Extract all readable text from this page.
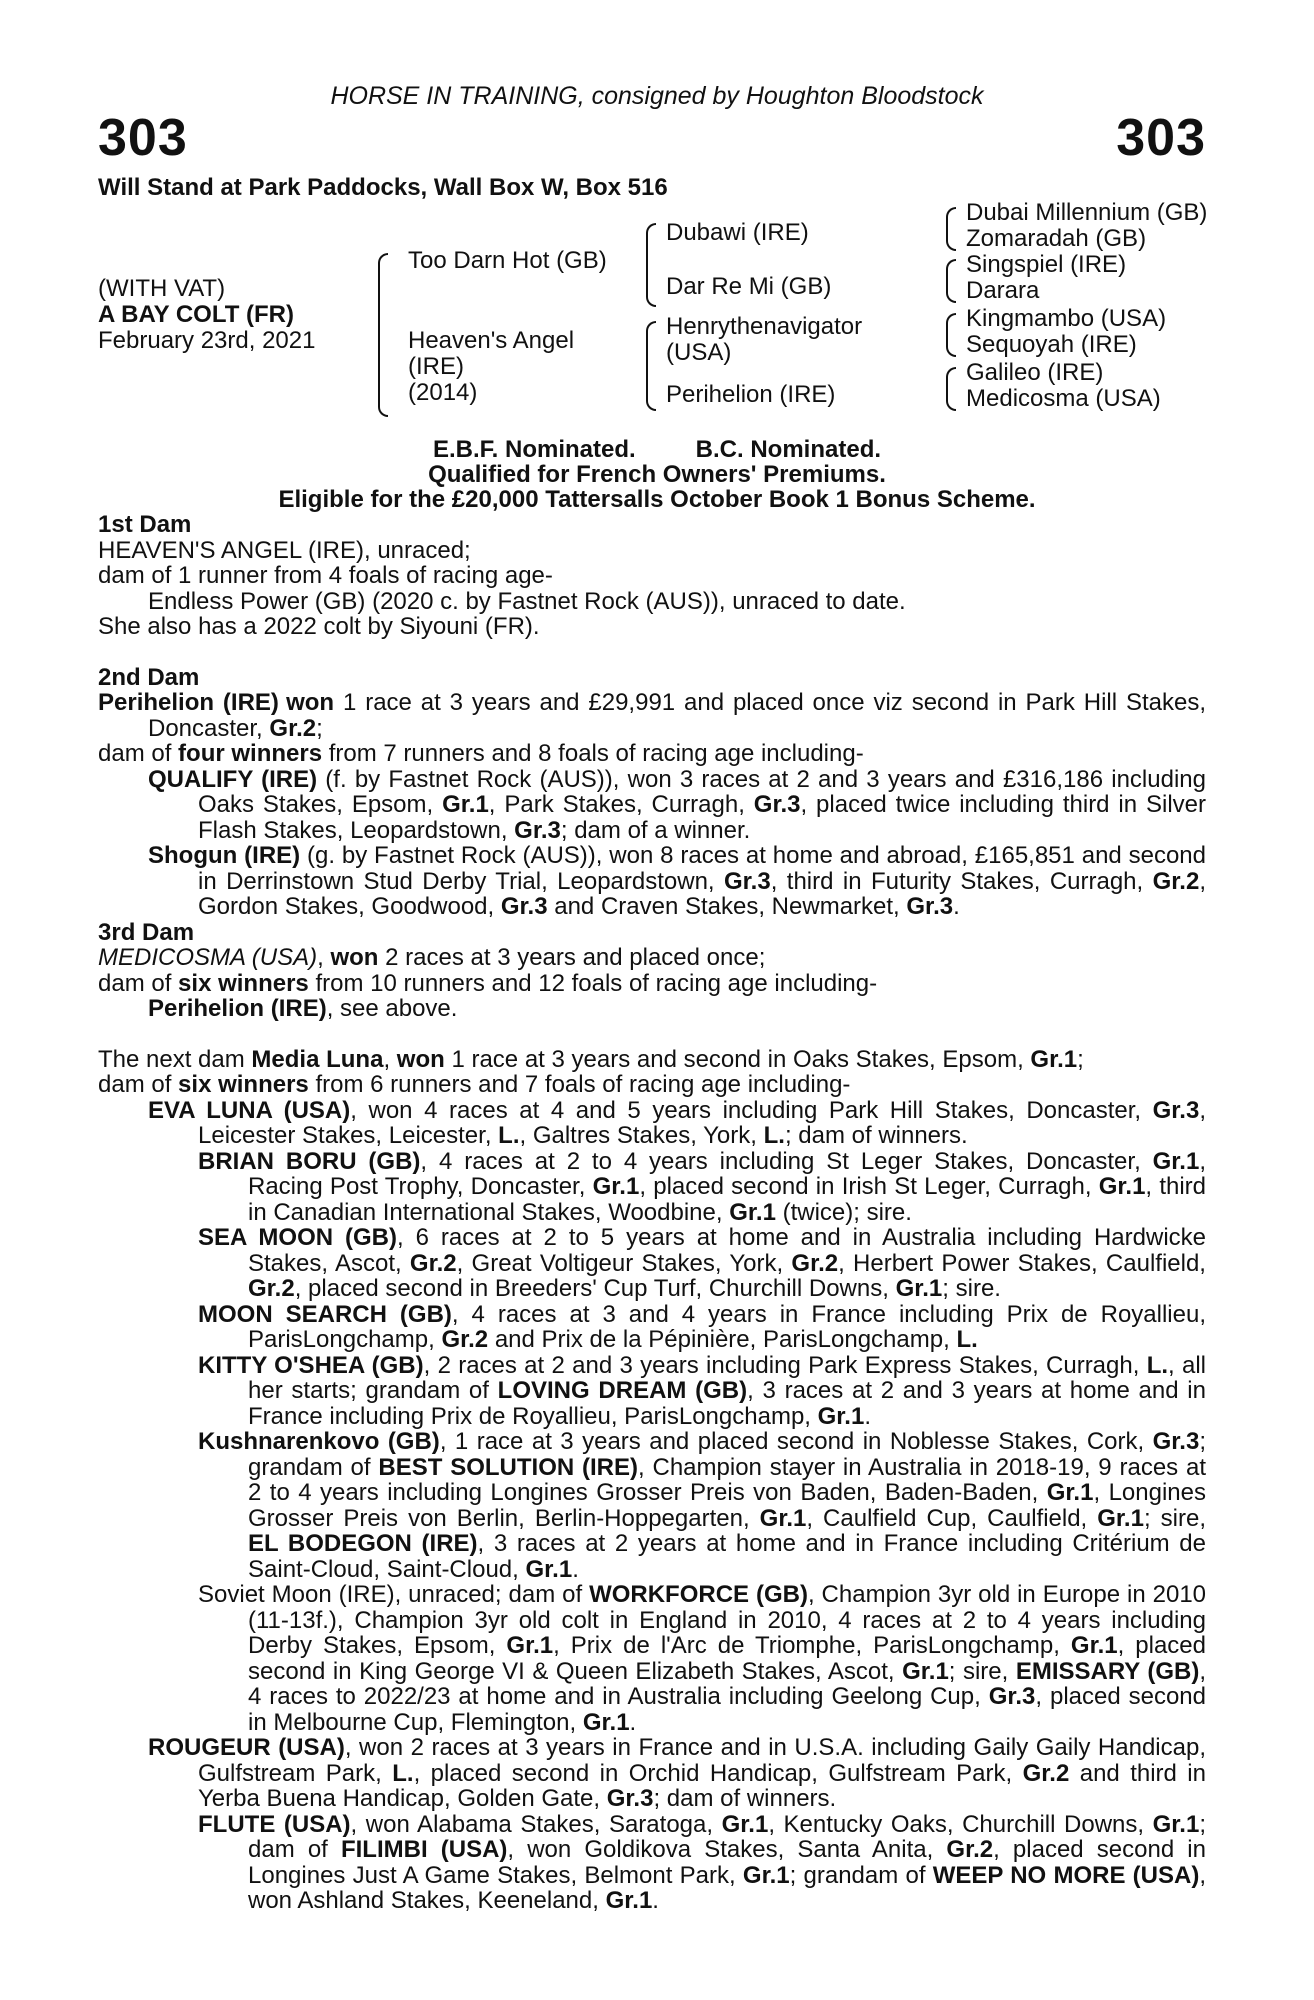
HORSE IN TRAINING, consigned by Houghton Bloodstock
303	303
Will Stand at Park Paddocks, Wall Box W, Box 516
(WITH VAT)
A BAY COLT (FR)
February 23rd, 2021
Too Darn Hot (GB)
Heaven's Angel
(IRE)
(2014)
Dubawi (IRE)
Dar Re Mi (GB)
Henrythenavigator
(USA)
Perihelion (IRE)
Dubai Millennium (GB)
Zomaradah (GB)
Singspiel (IRE)
Darara
Kingmambo (USA)
Sequoyah (IRE)
Galileo (IRE)
Medicosma (USA)
E.B.F. Nominated.	B.C. Nominated.
Qualified for French Owners' Premiums.
Eligible for the £20,000 Tattersalls October Book 1 Bonus Scheme.

1st Dam

HEAVEN'S ANGEL (IRE), unraced;

dam of 1 runner from 4 foals of racing age-

Endless Power (GB) (2020 c. by Fastnet Rock (AUS)), unraced to date.

She also has a 2022 colt by Siyouni (FR).

2nd Dam

Perihelion (IRE) won 1 race at 3 years and £29,991 and placed once viz second in Park Hill Stakes, Doncaster, Gr.2;

dam of four winners from 7 runners and 8 foals of racing age including-

QUALIFY (IRE) (f. by Fastnet Rock (AUS)), won 3 races at 2 and 3 years and £316,186 including Oaks Stakes, Epsom, Gr.1, Park Stakes, Curragh, Gr.3, placed twice including third in Silver Flash Stakes, Leopardstown, Gr.3; dam of a winner.

Shogun (IRE) (g. by Fastnet Rock (AUS)), won 8 races at home and abroad, £165,851 and second in Derrinstown Stud Derby Trial, Leopardstown, Gr.3, third in Futurity Stakes, Curragh, Gr.2, Gordon Stakes, Goodwood, Gr.3 and Craven Stakes, Newmarket, Gr.3.

3rd Dam

MEDICOSMA (USA), won 2 races at 3 years and placed once;

dam of six winners from 10 runners and 12 foals of racing age including-

Perihelion (IRE), see above.

The next dam Media Luna, won 1 race at 3 years and second in Oaks Stakes, Epsom, Gr.1;

dam of six winners from 6 runners and 7 foals of racing age including-

EVA LUNA (USA), won 4 races at 4 and 5 years including Park Hill Stakes, Doncaster, Gr.3, Leicester Stakes, Leicester, L., Galtres Stakes, York, L.; dam of winners.

BRIAN BORU (GB), 4 races at 2 to 4 years including St Leger Stakes, Doncaster, Gr.1, Racing Post Trophy, Doncaster, Gr.1, placed second in Irish St Leger, Curragh, Gr.1, third in Canadian International Stakes, Woodbine, Gr.1 (twice); sire.

SEA MOON (GB), 6 races at 2 to 5 years at home and in Australia including Hardwicke Stakes, Ascot, Gr.2, Great Voltigeur Stakes, York, Gr.2, Herbert Power Stakes, Caulfield, Gr.2, placed second in Breeders' Cup Turf, Churchill Downs, Gr.1; sire.

MOON SEARCH (GB), 4 races at 3 and 4 years in France including Prix de Royallieu, ParisLongchamp, Gr.2 and Prix de la Pépinière, ParisLongchamp, L.

KITTY O'SHEA (GB), 2 races at 2 and 3 years including Park Express Stakes, Curragh, L., all her starts; grandam of LOVING DREAM (GB), 3 races at 2 and 3 years at home and in France including Prix de Royallieu, ParisLongchamp, Gr.1.

Kushnarenkovo (GB), 1 race at 3 years and placed second in Noblesse Stakes, Cork, Gr.3; grandam of BEST SOLUTION (IRE), Champion stayer in Australia in 2018-19, 9 races at 2 to 4 years including Longines Grosser Preis von Baden, Baden-Baden, Gr.1, Longines Grosser Preis von Berlin, Berlin-Hoppegarten, Gr.1, Caulfield Cup, Caulfield, Gr.1; sire, EL BODEGON (IRE), 3 races at 2 years at home and in France including Critérium de Saint-Cloud, Saint-Cloud, Gr.1.

Soviet Moon (IRE), unraced; dam of WORKFORCE (GB), Champion 3yr old in Europe in 2010 (11-13f.), Champion 3yr old colt in England in 2010, 4 races at 2 to 4 years including Derby Stakes, Epsom, Gr.1, Prix de l'Arc de Triomphe, ParisLongchamp, Gr.1, placed second in King George VI & Queen Elizabeth Stakes, Ascot, Gr.1; sire, EMISSARY (GB), 4 races to 2022/23 at home and in Australia including Geelong Cup, Gr.3, placed second in Melbourne Cup, Flemington, Gr.1.

ROUGEUR (USA), won 2 races at 3 years in France and in U.S.A. including Gaily Gaily Handicap, Gulfstream Park, L., placed second in Orchid Handicap, Gulfstream Park, Gr.2 and third in Yerba Buena Handicap, Golden Gate, Gr.3; dam of winners.

FLUTE (USA), won Alabama Stakes, Saratoga, Gr.1, Kentucky Oaks, Churchill Downs, Gr.1; dam of FILIMBI (USA), won Goldikova Stakes, Santa Anita, Gr.2, placed second in Longines Just A Game Stakes, Belmont Park, Gr.1; grandam of WEEP NO MORE (USA), won Ashland Stakes, Keeneland, Gr.1.
